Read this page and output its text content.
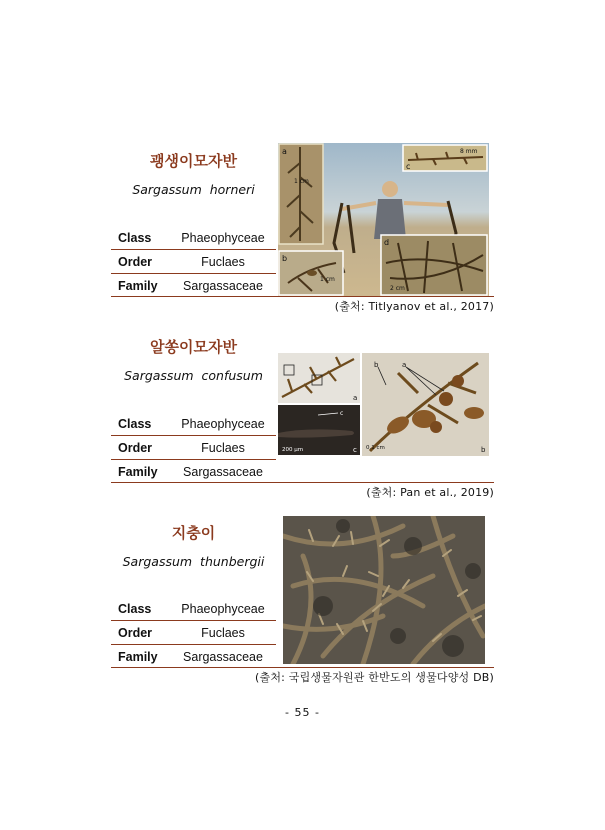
괭생이모자반
Sargassum horneri
Class	Phaeophyceae
Order	Fuclaes
Family	Sargassaceae
(출처: Titlyanov et al., 2017)
a
1 cm
c
8 mm
b
1 cm
d
2 cm
알쏭이모자반
Sargassum confusum
Class	Phaeophyceae
Order	Fuclaes
Family	Sargassaceae
(출처: Pan et al., 2019)
a
c
200 μm	c
b	a
0.1 cm	b
지충이
Sargassum thunbergii
Class	Phaeophyceae
Order	Fuclaes
Family	Sargassaceae
(출처: 국립생물자원관 한반도의 생물다양성 DB)
- 55 -
